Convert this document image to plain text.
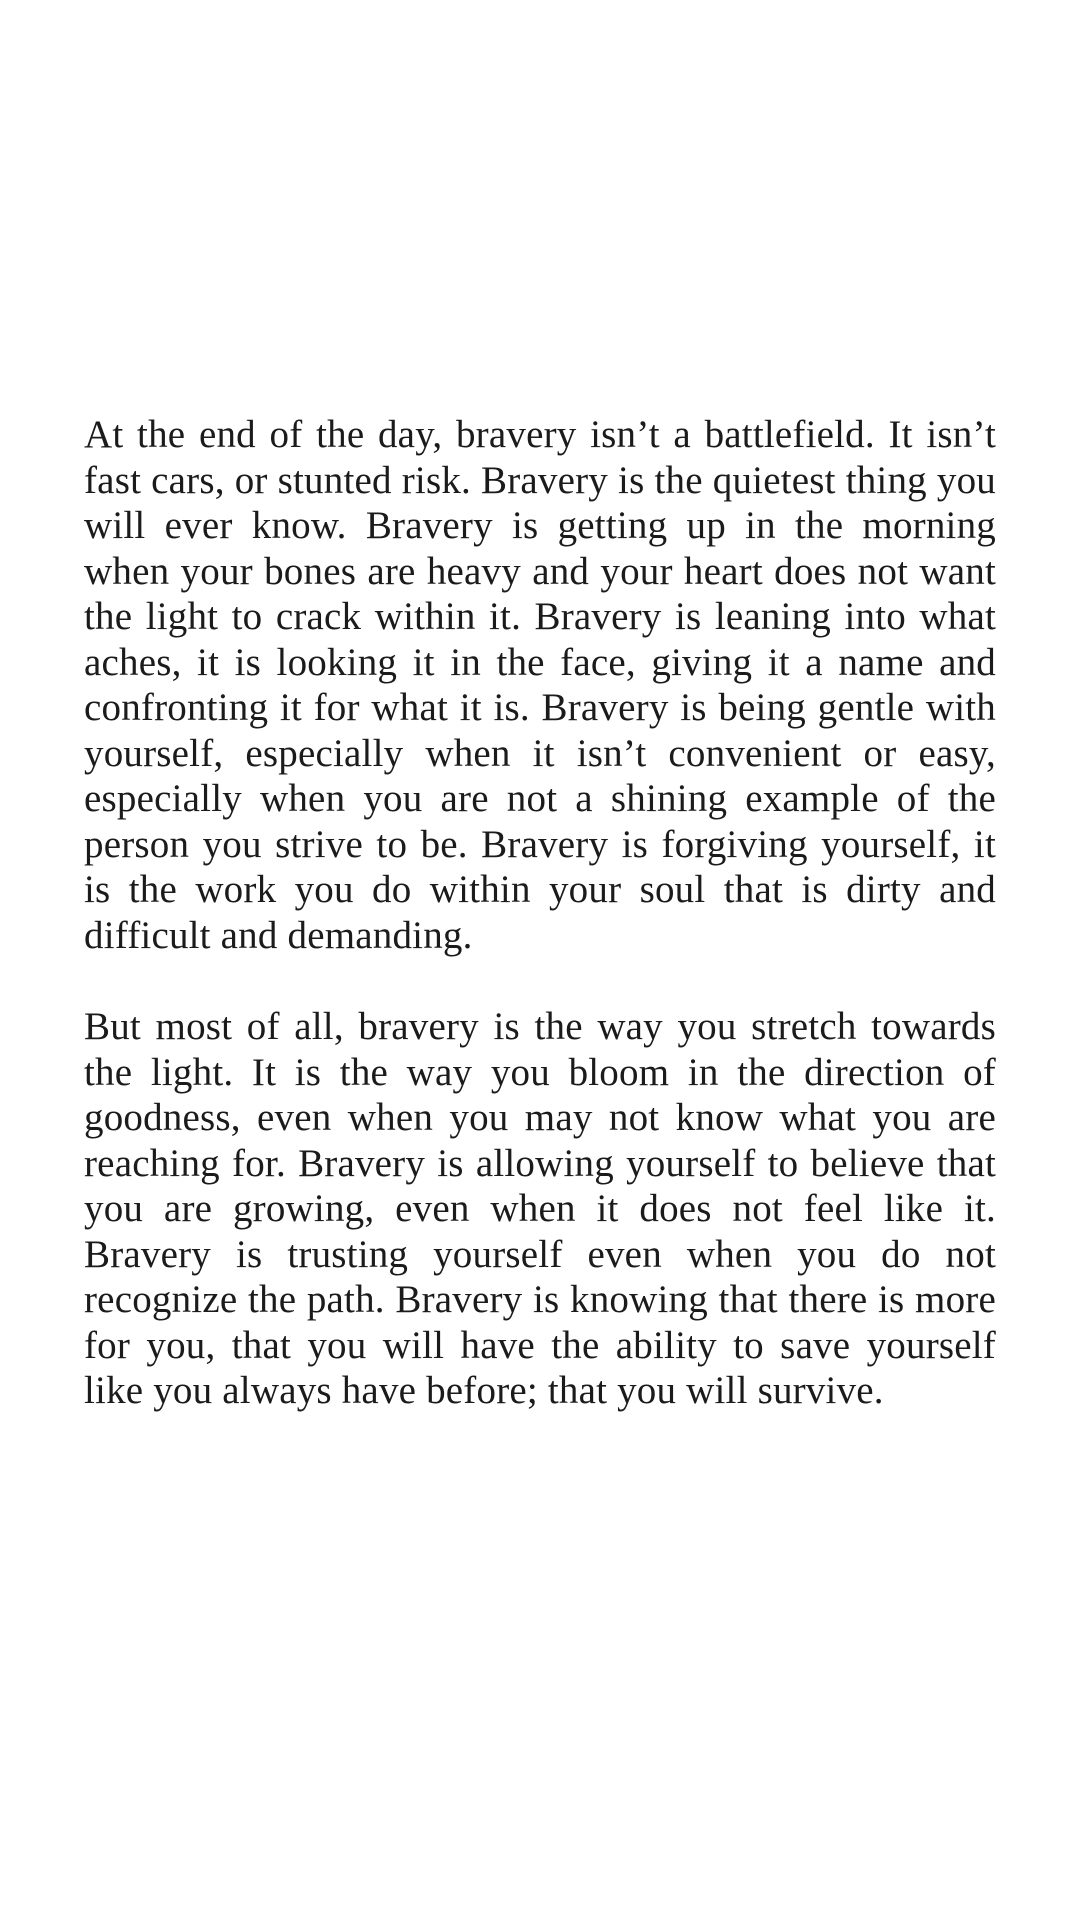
At the end of the day, bravery isn’t a battlefield. It isn’t fast cars, or stunted risk. Bravery is the quietest thing you will ever know. Bravery is getting up in the morning when your bones are heavy and your heart does not want the light to crack within it. Bravery is leaning into what aches, it is looking it in the face, giving it a name and confronting it for what it is. Bravery is being gentle with yourself, especially when it isn’t convenient or easy, especially when you are not a shining example of the person you strive to be. Bravery is forgiving yourself, it is the work you do within your soul that is dirty and difficult and demanding.

But most of all, bravery is the way you stretch towards the light. It is the way you bloom in the direction of goodness, even when you may not know what you are reaching for. Bravery is allowing yourself to believe that you are growing, even when it does not feel like it. Bravery is trusting yourself even when you do not recognize the path. Bravery is knowing that there is more for you, that you will have the ability to save yourself like you always have before; that you will survive.
